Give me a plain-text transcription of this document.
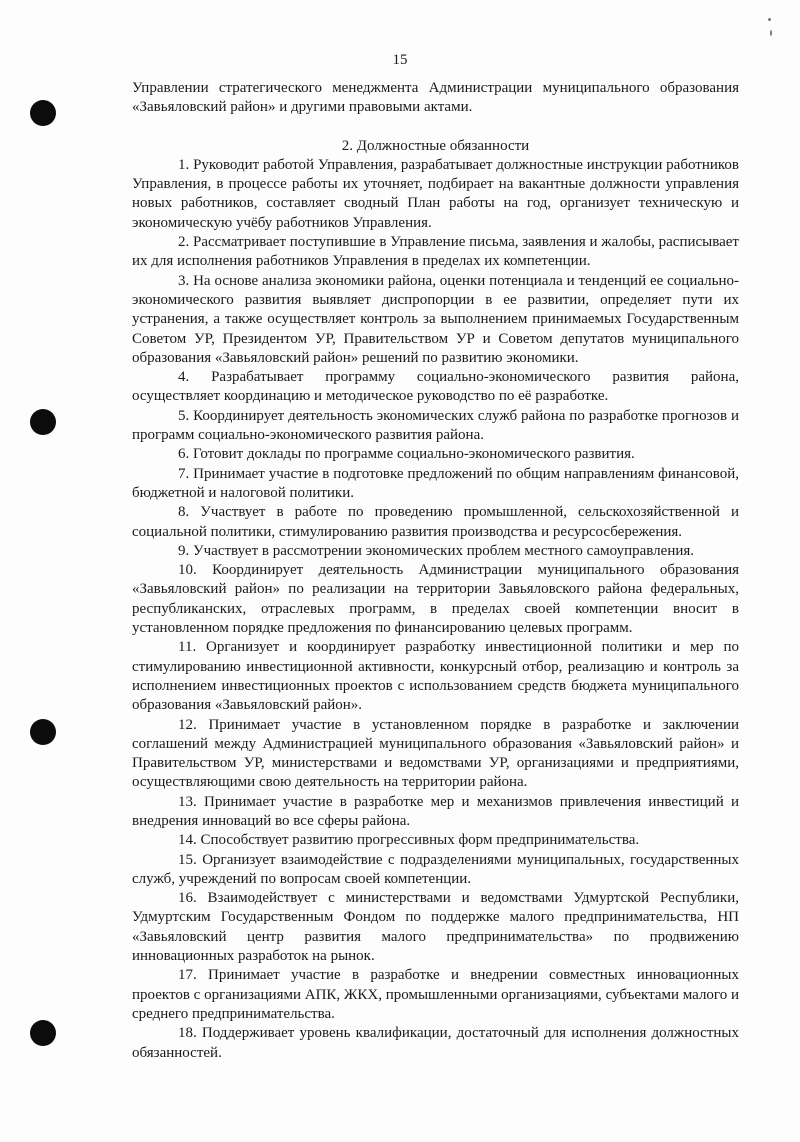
15

Управлении стратегического менеджмента Администрации муниципального образования «Завьяловский район» и другими правовыми актами.

2. Должностные обязанности

1. Руководит работой Управления, разрабатывает должностные инструкции работников Управления, в процессе работы их уточняет, подбирает на вакантные должности управления новых работников, составляет сводный План работы на год, организует техническую и экономическую учёбу работников Управления.

2. Рассматривает поступившие в Управление письма, заявления и жалобы, расписывает их для исполнения работников Управления в пределах их компетенции.

3. На основе анализа экономики района, оценки потенциала и тенденций ее социально-экономического развития выявляет диспропорции в ее развитии, определяет пути их устранения, а также осуществляет контроль за выполнением принимаемых Государственным Советом УР, Президентом УР, Правительством УР и Советом депутатов муниципального образования «Завьяловский район» решений по развитию экономики.

4. Разрабатывает программу социально-экономического развития района, осуществляет координацию и методическое руководство по её разработке.

5. Координирует деятельность экономических служб района по разработке прогнозов и программ социально-экономического развития района.

6. Готовит доклады по программе социально-экономического развития.

7. Принимает участие в подготовке предложений по общим направлениям финансовой, бюджетной и налоговой политики.

8. Участвует в работе по проведению промышленной, сельскохозяйственной и социальной политики, стимулированию развития производства и ресурсосбережения.

9. Участвует в рассмотрении экономических проблем местного самоуправления.

10. Координирует деятельность Администрации муниципального образования «Завьяловский район» по реализации на территории Завьяловского района федеральных, республиканских, отраслевых программ, в пределах своей компетенции вносит в установленном порядке предложения по финансированию целевых программ.

11. Организует и координирует разработку инвестиционной политики и мер по стимулированию инвестиционной активности, конкурсный отбор, реализацию и контроль за исполнением инвестиционных проектов с использованием средств бюджета муниципального образования «Завьяловский район».

12. Принимает участие в установленном порядке в разработке и заключении соглашений между Администрацией муниципального образования «Завьяловский район» и Правительством УР, министерствами и ведомствами УР, организациями и предприятиями, осуществляющими свою деятельность на территории района.

13. Принимает участие в разработке мер и механизмов привлечения инвестиций и внедрения инноваций во все сферы района.

14. Способствует развитию прогрессивных форм предпринимательства.

15. Организует взаимодействие с подразделениями муниципальных, государственных служб, учреждений по вопросам своей компетенции.

16. Взаимодействует с министерствами и ведомствами Удмуртской Республики, Удмуртским Государственным Фондом по поддержке малого предпринимательства, НП «Завьяловский центр развития малого предпринимательства» по продвижению инновационных разработок на рынок.

17. Принимает участие в разработке и внедрении совместных инновационных проектов с организациями АПК, ЖКХ, промышленными организациями, субъектами малого и среднего предпринимательства.

18. Поддерживает уровень квалификации, достаточный для исполнения должностных обязанностей.
